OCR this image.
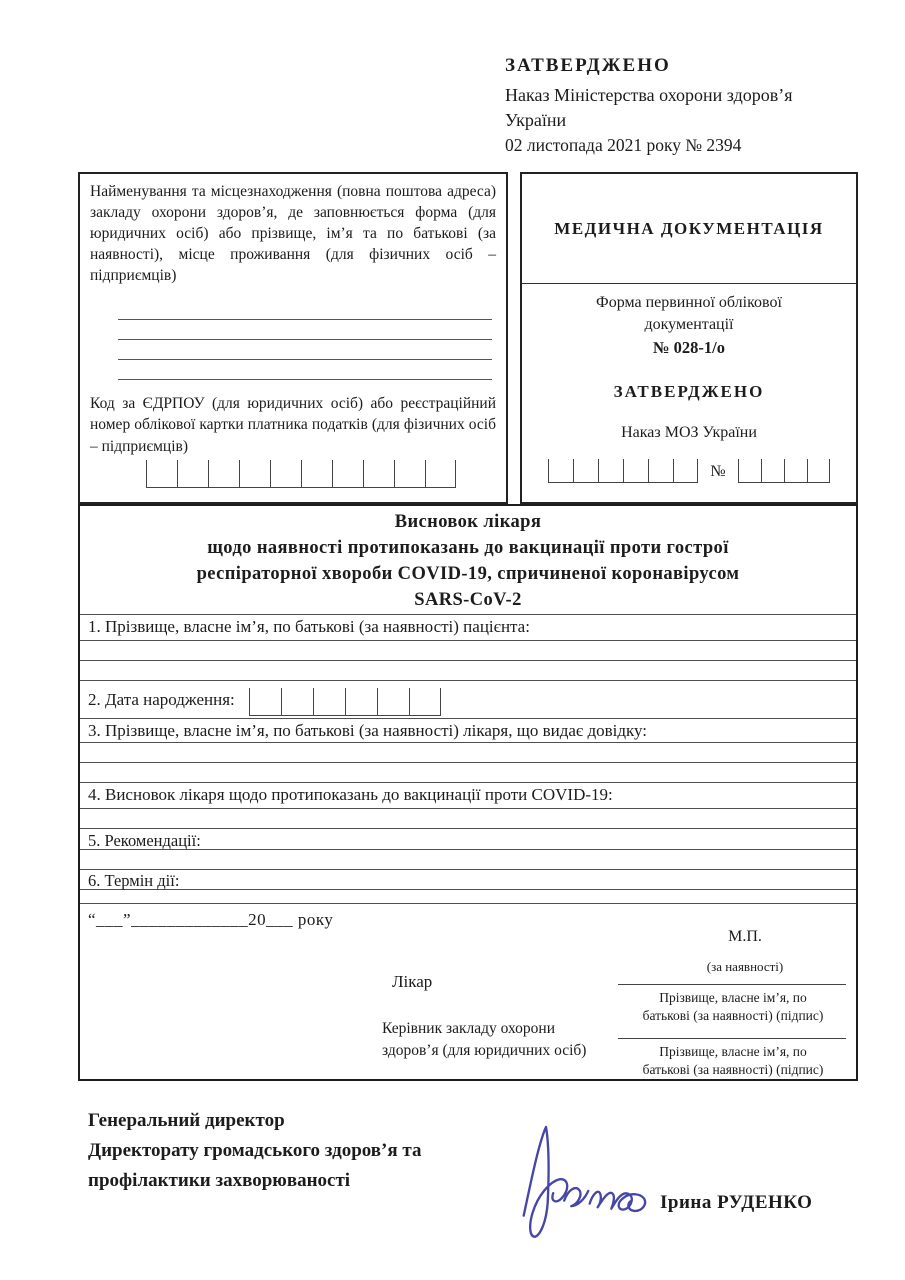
ЗАТВЕРДЖЕНО
Наказ Міністерства охорони здоров’я
України
02 листопада 2021 року № 2394
Найменування та місцезнаходження (повна поштова адреса) закладу охорони здоров’я, де заповнюється форма (для юридичних осіб) або прізвище, ім’я та по батькові (за наявності), місце проживання (для фізичних осіб – підприємців)
Код за ЄДРПОУ (для юридичних осіб) або реєстраційний номер облікової картки платника податків (для фізичних осіб – підприємців)
МЕДИЧНА ДОКУМЕНТАЦІЯ
Форма первинної облікової
документації
№ 028-1/о
ЗАТВЕРДЖЕНО
Наказ МОЗ України
№
Висновок лікаря
щодо наявності протипоказань до вакцинації проти гострої
респіраторної хвороби COVID-19, спричиненої коронавірусом
SARS-CoV-2
1. Прізвище, власне ім’я, по батькові (за наявності) пацієнта:
2. Дата народження:
3. Прізвище, власне ім’я, по батькові (за наявності) лікаря, що видає довідку:
4. Висновок лікаря щодо протипоказань до вакцинації проти COVID-19:
5. Рекомендації:
6. Термін дії:
“___”_____________20___ року
М.П.
(за наявності)
Лікар
Прізвище, власне ім’я, по
батькові (за наявності) (підпис)
Керівник закладу охорони
здоров’я (для юридичних осіб)	Прізвище, власне ім’я, по
батькові (за наявності) (підпис)
Генеральний директор
Директорату громадського здоров’я та
профілактики захворюваності
Ірина РУДЕНКО
